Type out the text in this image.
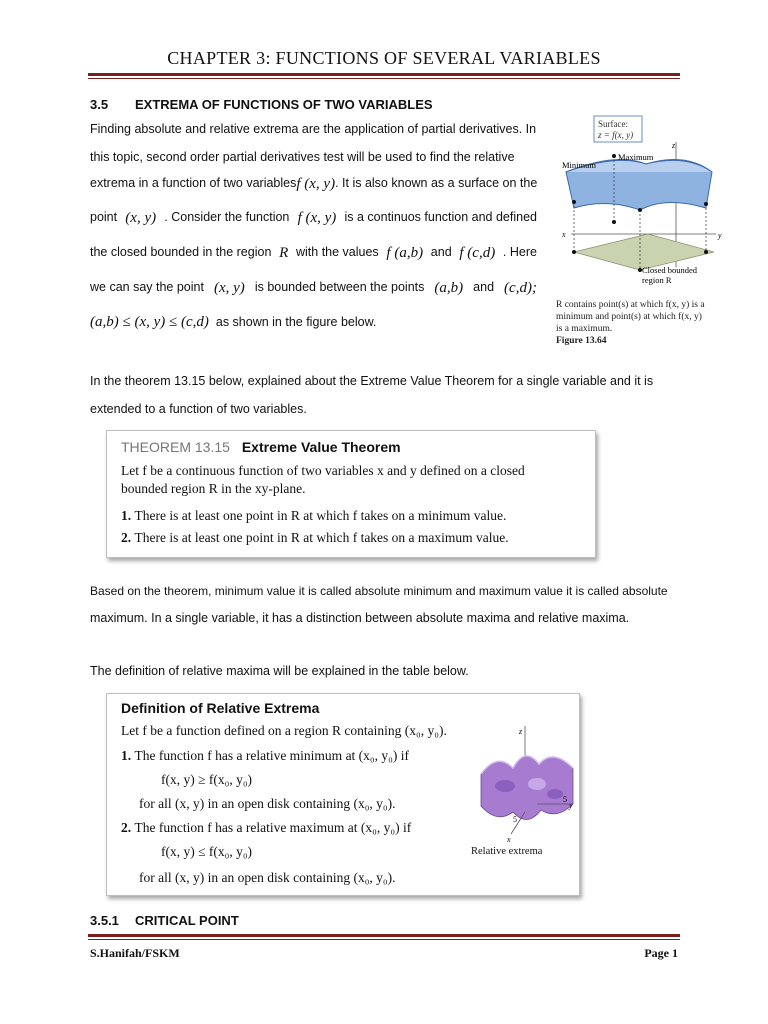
CHAPTER 3: FUNCTIONS OF SEVERAL VARIABLES
3.5 EXTREMA OF FUNCTIONS OF TWO VARIABLES
Finding absolute and relative extrema are the application of partial derivatives. In
this topic, second order partial derivatives test will be used to find the relative
extrema in a function of two variables f (x, y) . It is also known as a surface on the
point (x, y) . Consider the function f (x, y) is a continuos function and defined
the closed bounded in the region R with the values f (a,b) and f (c,d) . Here
we can say the point (x, y) is bounded between the points (a,b) and (c,d);
(a,b) ≤ (x, y) ≤ (c,d) as shown in the figure below.
Surface:
z = f(x, y)
z
x	y
Minimum
Maximum
Closed bounded
region R
R contains point(s) at which f(x, y) is a
minimum and point(s) at which f(x, y)
is a maximum.
Figure 13.64
In the theorem 13.15 below, explained about the Extreme Value Theorem for a single variable and it is
extended to a function of two variables.
THEOREM 13.15 Extreme Value Theorem
Let f be a continuous function of two variables x and y defined on a closed
bounded region R in the xy-plane.
1. There is at least one point in R at which f takes on a minimum value.
2. There is at least one point in R at which f takes on a maximum value.
Based on the theorem, minimum value it is called absolute minimum and maximum value it is called absolute
maximum. In a single variable, it has a distinction between absolute maxima and relative maxima.
The definition of relative maxima will be explained in the table below.
Definition of Relative Extrema
Let f be a function defined on a region R containing (x₀, y₀).
1. The function f has a relative minimum at (x₀, y₀) if
f(x, y) ≥ f(x₀, y₀)
for all (x, y) in an open disk containing (x₀, y₀).
2. The function f has a relative maximum at (x₀, y₀) if
f(x, y) ≤ f(x₀, y₀)
for all (x, y) in an open disk containing (x₀, y₀).
z
5
y
5
x
Relative extrema
3.5.1 CRITICAL POINT
S.Hanifah/FSKM	Page 1
